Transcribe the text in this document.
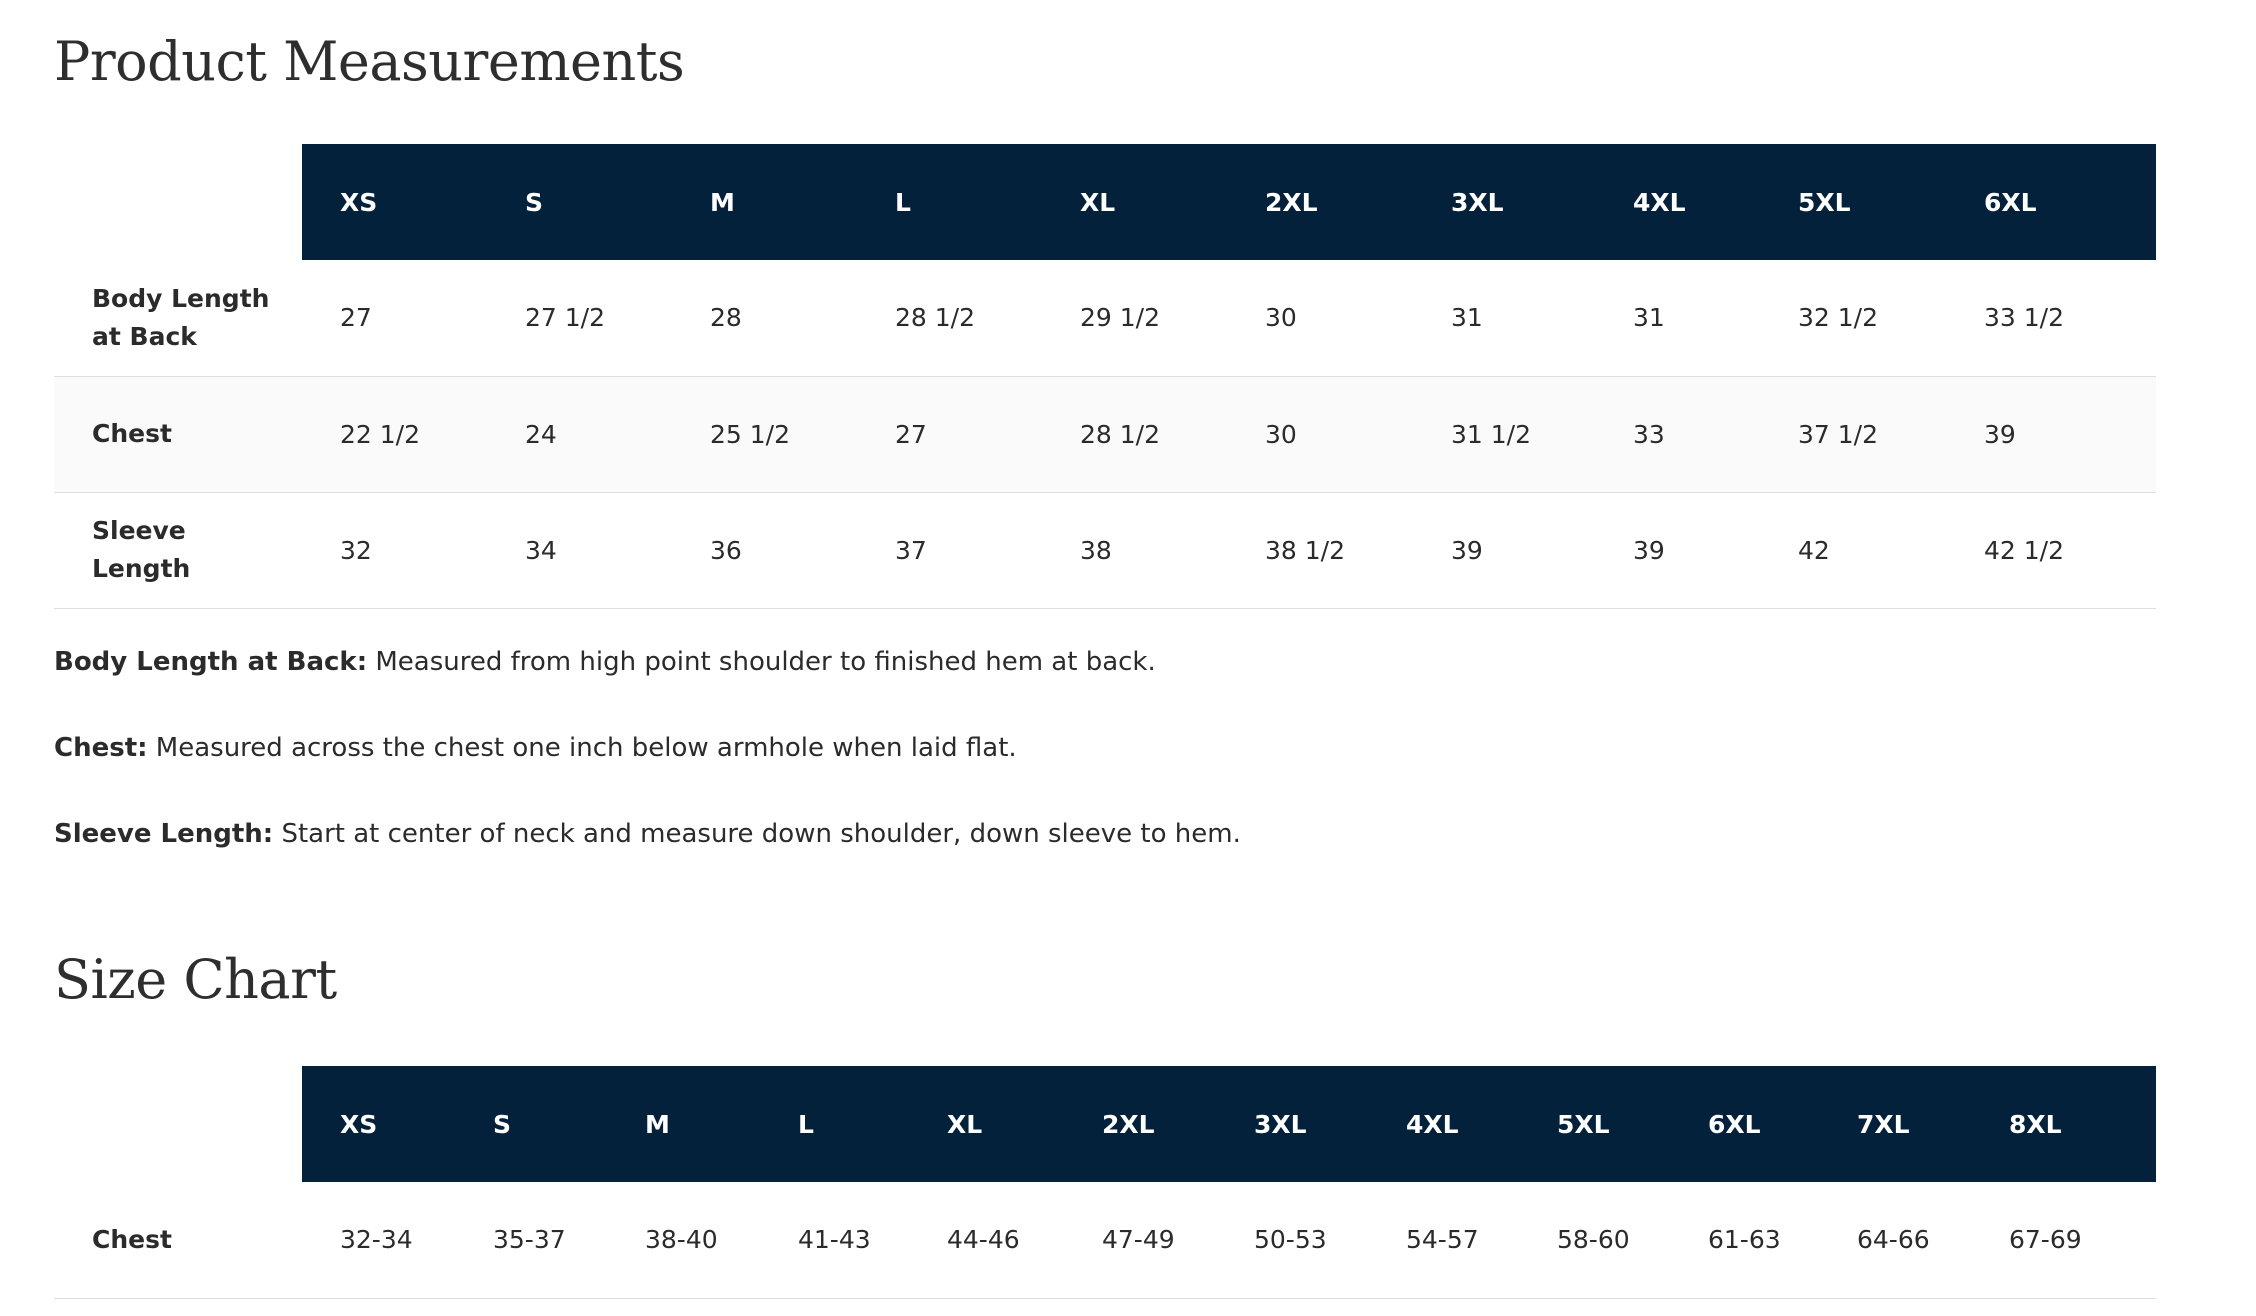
Product Measurements
	XS	S	M	L	XL	2XL	3XL	4XL	5XL	6XL

Body Length at Back	27	27 1/2	28	28 1/2	29 1/2	30	31	31	32 1/2	33 1/2
Chest	22 1/2	24	25 1/2	27	28 1/2	30	31 1/2	33	37 1/2	39

Sleeve Length	32	34	36	37	38	38 1/2	39	39	42	42 1/2

Body Length at Back: Measured from high point shoulder to finished hem at back.

Chest: Measured across the chest one inch below armhole when laid flat.

Sleeve Length: Start at center of neck and measure down shoulder, down sleeve to hem.

Size Chart
	XS	S	M	L	XL	2XL	3XL	4XL	5XL	6XL	7XL	8XL
Chest	32-34	35-37	38-40	41-43	44-46	47-49	50-53	54-57	58-60	61-63	64-66	67-69
